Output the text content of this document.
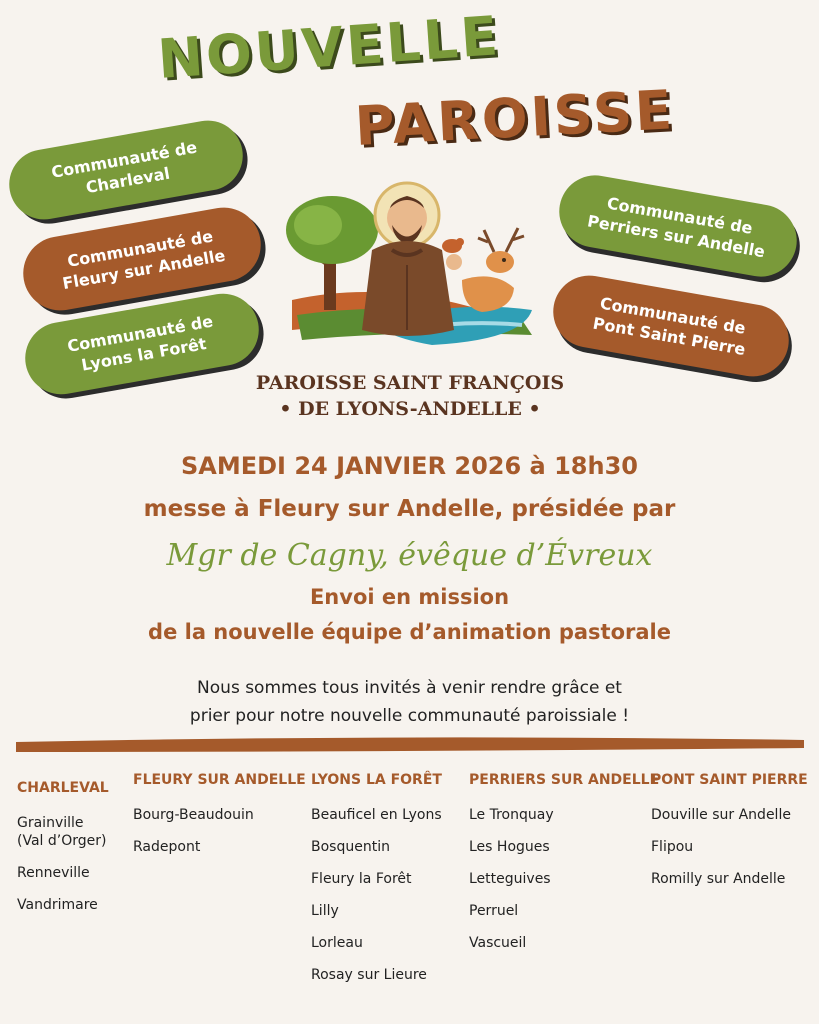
NOUVELLE
PAROISSE
Communauté de
Charleval
Communauté de
Fleury sur Andelle
Communauté de
Lyons la Forêt
Communauté de
Perriers sur Andelle
Communauté de
Pont Saint Pierre
PAROISSE SAINT FRANÇOIS
• DE LYONS-ANDELLE •

SAMEDI 24 JANVIER 2026 à 18h30

messe à Fleury sur Andelle, présidée par

Mgr de Cagny, évêque d’Évreux

Envoi en mission

de la nouvelle équipe d’animation pastorale

Nous sommes tous invités à venir rendre grâce et

prier pour notre nouvelle communauté paroissiale !

CHARLEVAL

Grainville
(Val d’Orger)

Renneville

Vandrimare

FLEURY SUR ANDELLE

Bourg-Beaudouin

Radepont

LYONS LA FORÊT

Beauficel en Lyons

Bosquentin

Fleury la Forêt

Lilly

Lorleau

Rosay sur Lieure

PERRIERS SUR ANDELLE

Le Tronquay

Les Hogues

Letteguives

Perruel

Vascueil

PONT SAINT PIERRE

Douville sur Andelle

Flipou

Romilly sur Andelle
